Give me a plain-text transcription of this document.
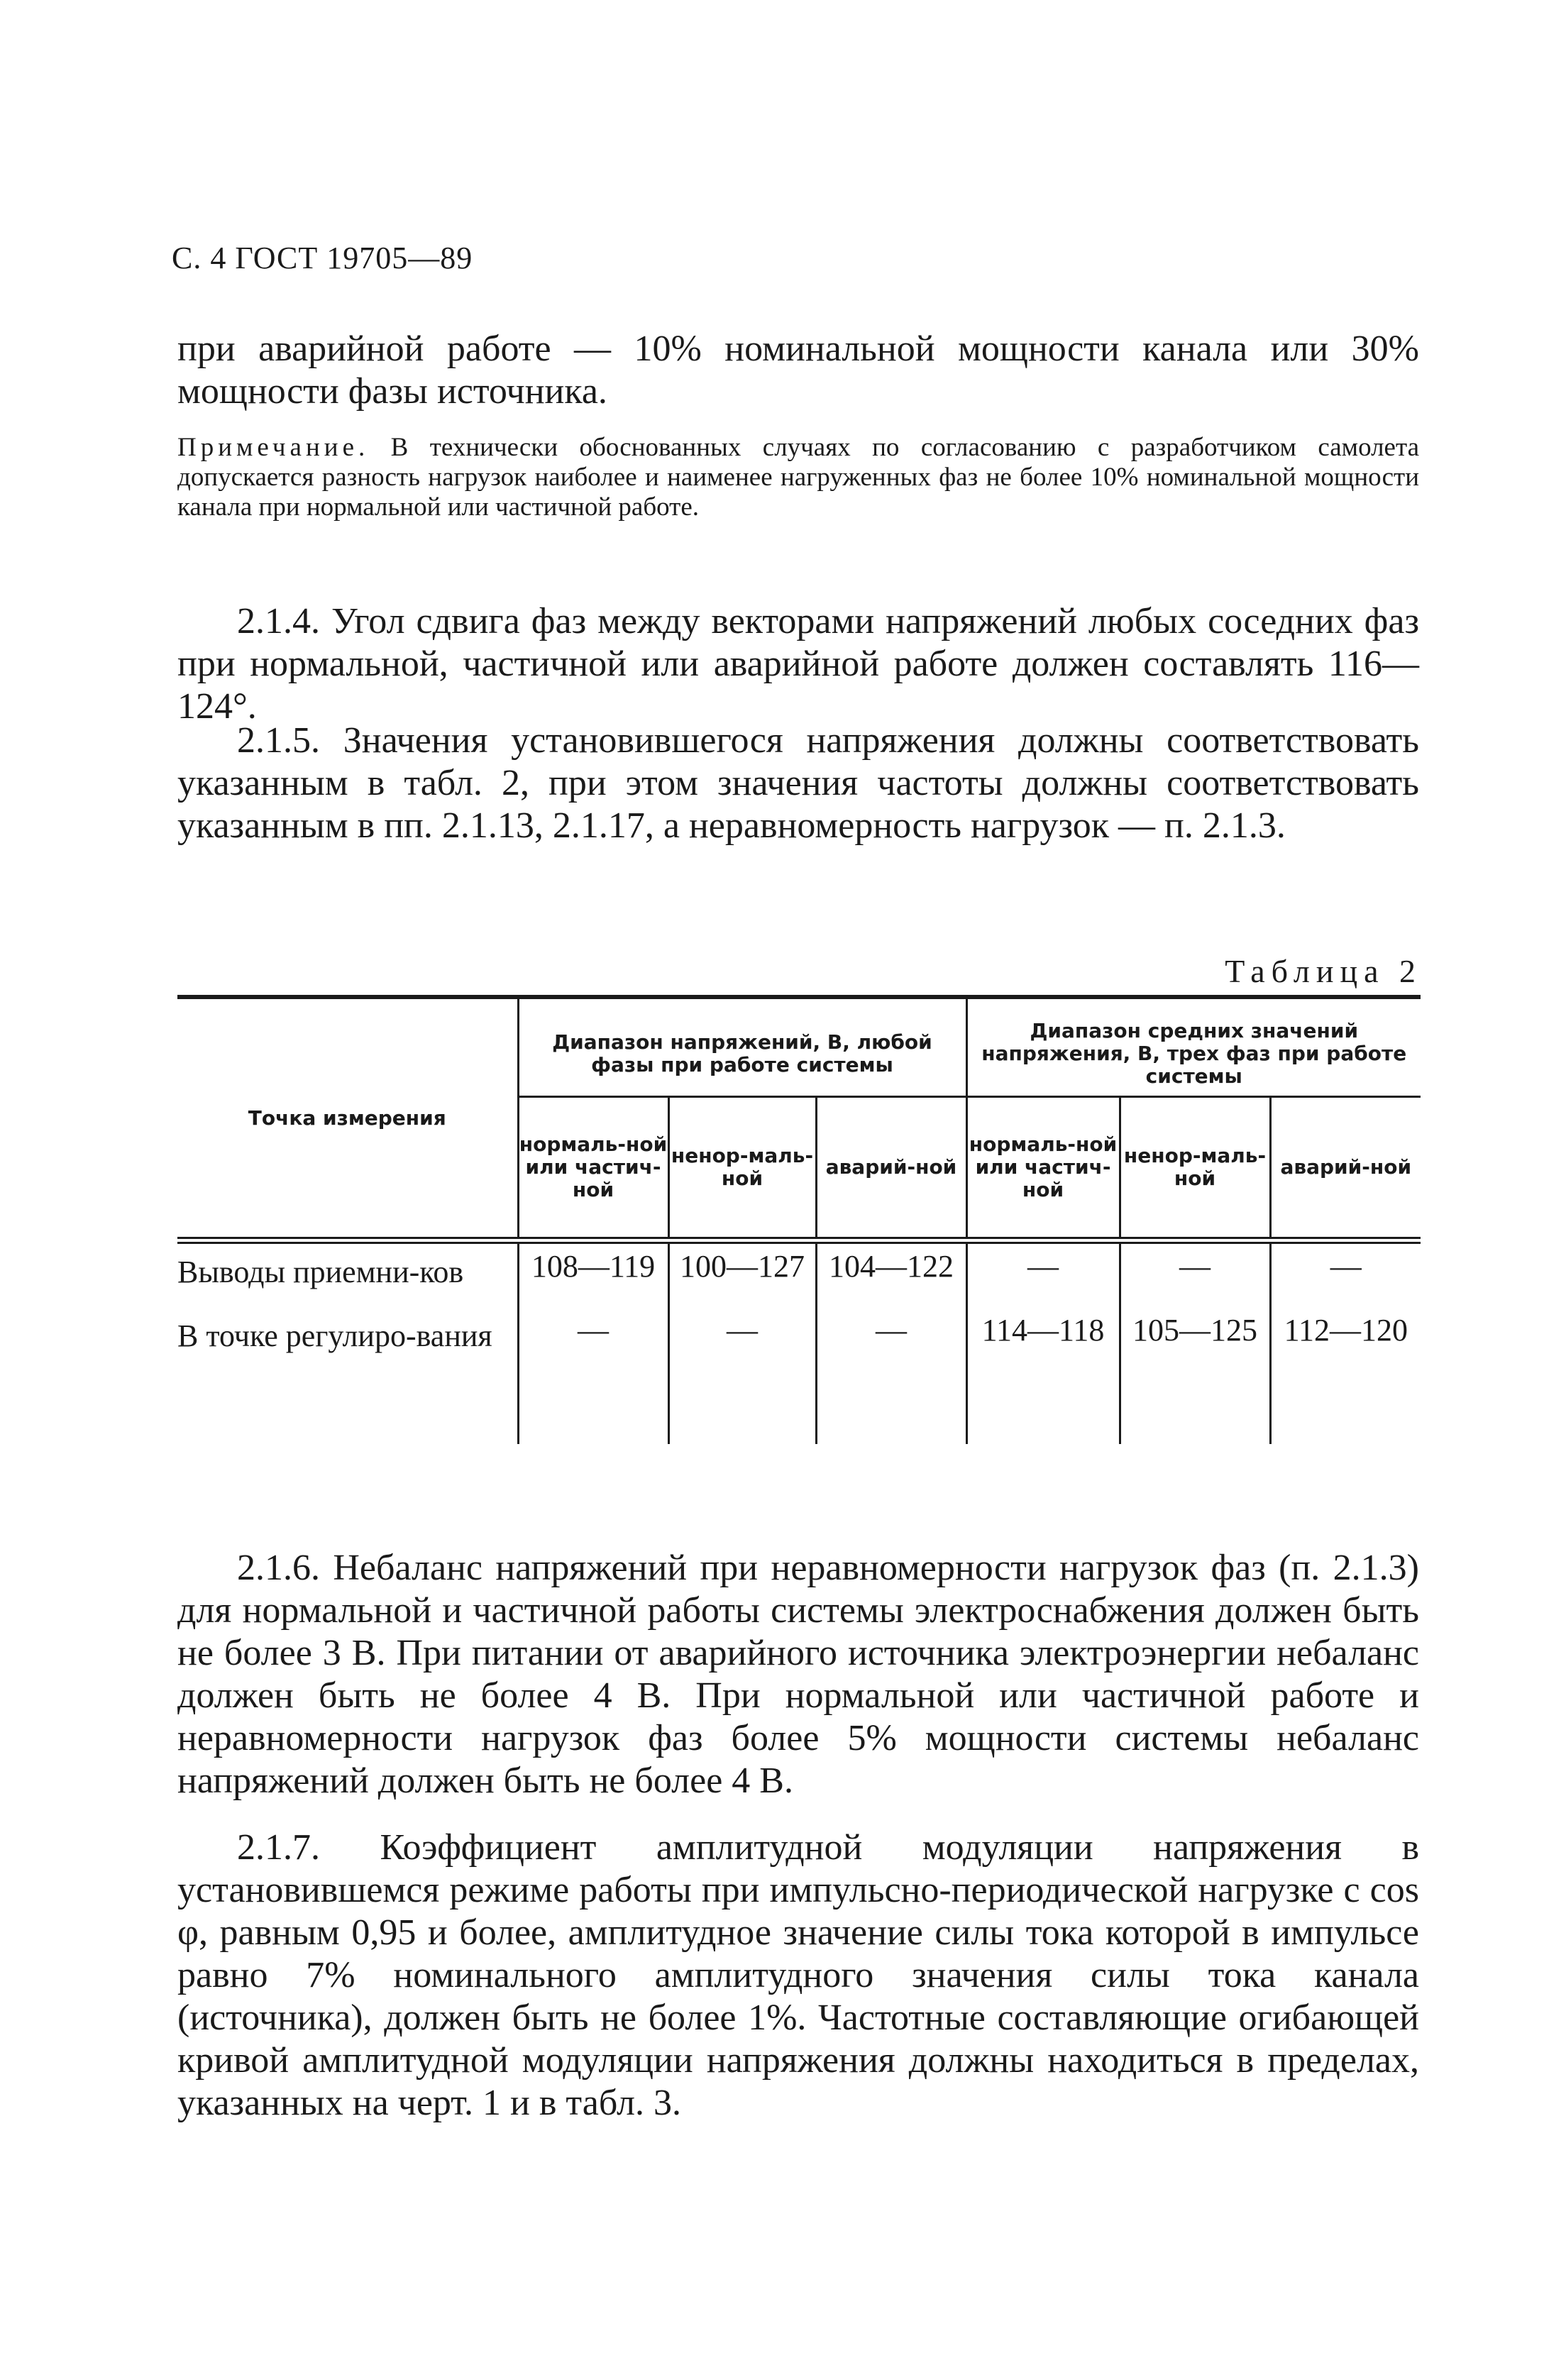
С. 4 ГОСТ 19705—89

при аварийной работе — 10% номинальной мощности канала или 30% мощности фазы источника.

Примечание. В технически обоснованных случаях по согласованию с разработчиком самолета допускается разность нагрузок наиболее и наименее нагруженных фаз не более 10% номинальной мощности канала при нормальной или частичной работе.

2.1.4. Угол сдвига фаз между векторами напряжений любых соседних фаз при нормальной, частичной или аварийной работе должен составлять 116—124°.

2.1.5. Значения установившегося напряжения должны соответствовать указанным в табл. 2, при этом значения частоты должны соответствовать указанным в пп. 2.1.13, 2.1.17, а неравномерность нагрузок — п. 2.1.3.

Таблица 2
Точка измерения	Диапазон напряжений, В, любой фазы при работе системы			Диапазон средних значений напряжения, В, трех фаз при работе системы		
	нормаль-ной или частич-ной	ненор-маль-ной	аварий-ной	нормаль-ной или частич-ной	ненор-маль-ной	аварий-ной
Выводы приемни-ков	108—119	100—127	104—122	—	—	—
В точке регулиро-вания	—	—	—	114—118	105—125	112—120

2.1.6. Небаланс напряжений при неравномерности нагрузок фаз (п. 2.1.3) для нормальной и частичной работы системы электроснабжения должен быть не более 3 В. При питании от аварийного источника электроэнергии небаланс должен быть не более 4 В. При нормальной или частичной работе и неравномерности нагрузок фаз более 5% мощности системы небаланс напряжений должен быть не более 4 В.

2.1.7. Коэффициент амплитудной модуляции напряжения в установившемся режиме работы при импульсно-периодической нагрузке с cos φ, равным 0,95 и более, амплитудное значение силы тока которой в импульсе равно 7% номинального амплитудного значения силы тока канала (источника), должен быть не более 1%. Частотные составляющие огибающей кривой амплитудной модуляции напряжения должны находиться в пределах, указанных на черт. 1 и в табл. 3.
